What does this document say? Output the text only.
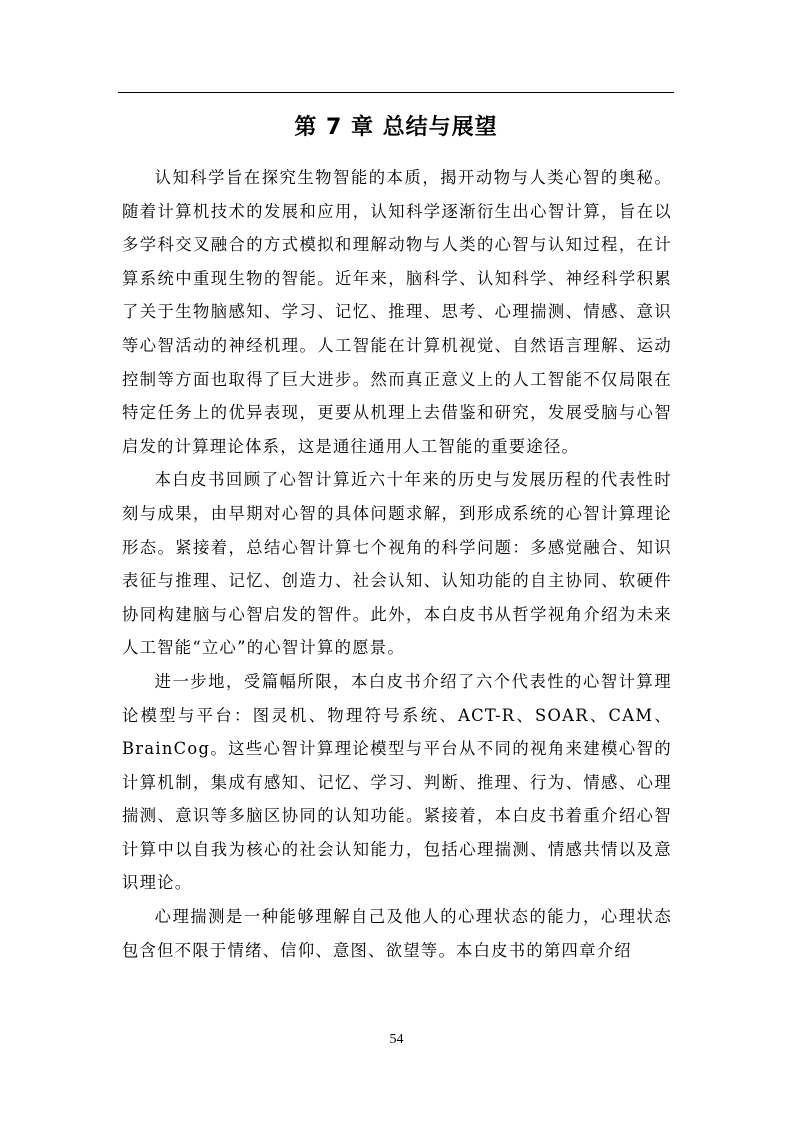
第 7 章 总结与展望

认知科学旨在探究生物智能的本质，揭开动物与人类心智的奥秘。随着计算机技术的发展和应用，认知科学逐渐衍生出心智计算，旨在以多学科交叉融合的方式模拟和理解动物与人类的心智与认知过程，在计算系统中重现生物的智能。近年来，脑科学、认知科学、神经科学积累了关于生物脑感知、学习、记忆、推理、思考、心理揣测、情感、意识等心智活动的神经机理。人工智能在计算机视觉、自然语言理解、运动控制等方面也取得了巨大进步。然而真正意义上的人工智能不仅局限在特定任务上的优异表现，更要从机理上去借鉴和研究，发展受脑与心智启发的计算理论体系，这是通往通用人工智能的重要途径。

本白皮书回顾了心智计算近六十年来的历史与发展历程的代表性时刻与成果，由早期对心智的具体问题求解，到形成系统的心智计算理论形态。紧接着，总结心智计算七个视角的科学问题：多感觉融合、知识表征与推理、记忆、创造力、社会认知、认知功能的自主协同、软硬件协同构建脑与心智启发的智件。此外，本白皮书从哲学视角介绍为未来人工智能“立心”的心智计算的愿景。

进一步地，受篇幅所限，本白皮书介绍了六个代表性的心智计算理论模型与平台：图灵机、物理符号系统、ACT-R、SOAR、CAM、BrainCog。这些心智计算理论模型与平台从不同的视角来建模心智的计算机制，集成有感知、记忆、学习、判断、推理、行为、情感、心理揣测、意识等多脑区协同的认知功能。紧接着，本白皮书着重介绍心智计算中以自我为核心的社会认知能力，包括心理揣测、情感共情以及意识理论。

心理揣测是一种能够理解自己及他人的心理状态的能力，心理状态包含但不限于情绪、信仰、意图、欲望等。本白皮书的第四章介绍

54
